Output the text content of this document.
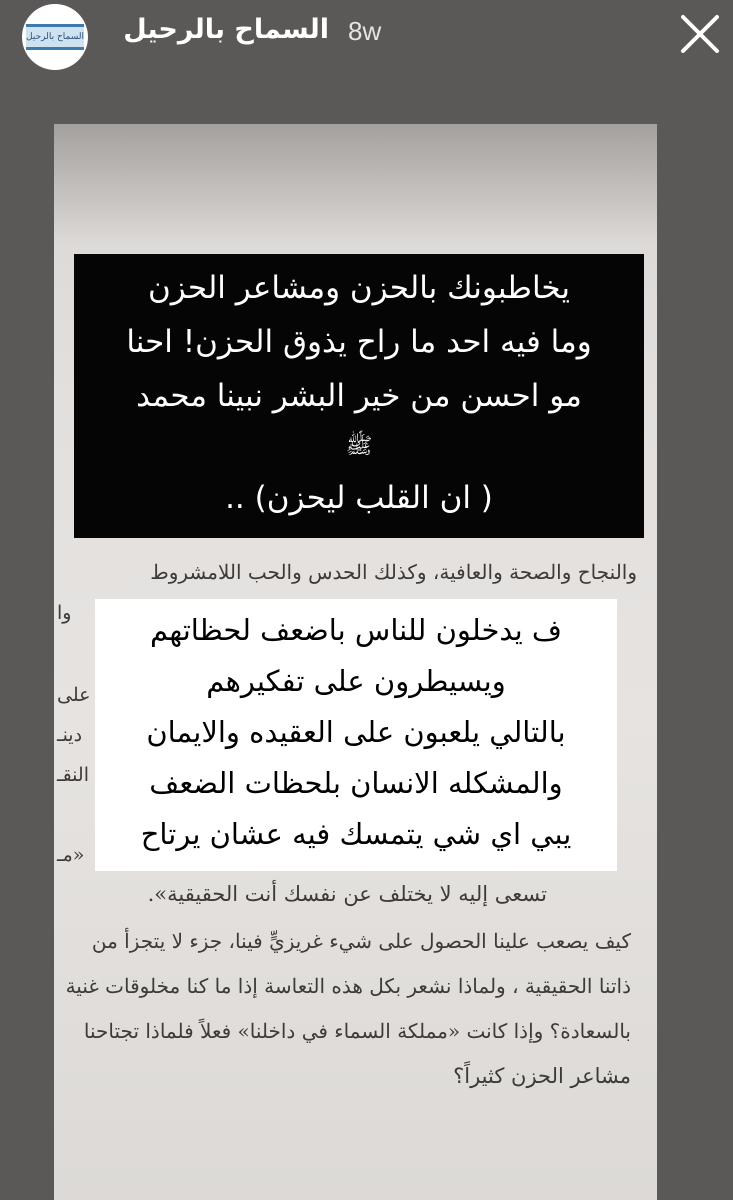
والنجاح والصحة والعافية، وكذلك الحدس والحب اللامشروط
وا
على
دينـ
النقـ
«مـ
تسعى إليه لا يختلف عن نفسك أنت الحقيقية».
كيف يصعب علينا الحصول على شيء غريزيٍّ فينا، جزء لا يتجزأ من
ذاتنا الحقيقية ، ولماذا نشعر بكل هذه التعاسة إذا ما كنا مخلوقات غنية
بالسعادة؟ وإذا كانت «مملكة السماء في داخلنا» فعلاً فلماذا تجتاحنا
مشاعر الحزن كثيراً؟
يخاطبونك بالحزن ومشاعر الحزن
وما فيه احد ما راح يذوق الحزن! احنا
مو احسن من خير البشر نبينا محمد
ﷺ
( ان القلب ليحزن) ..
ف يدخلون للناس باضعف لحظاتهم
ويسيطرون على تفكيرهم
بالتالي يلعبون على العقيده والايمان
والمشكله الانسان بلحظات الضعف
يبي اي شي يتمسك فيه عشان يرتاح
السماح بالرحيل	8w
السماح بالرحيل
